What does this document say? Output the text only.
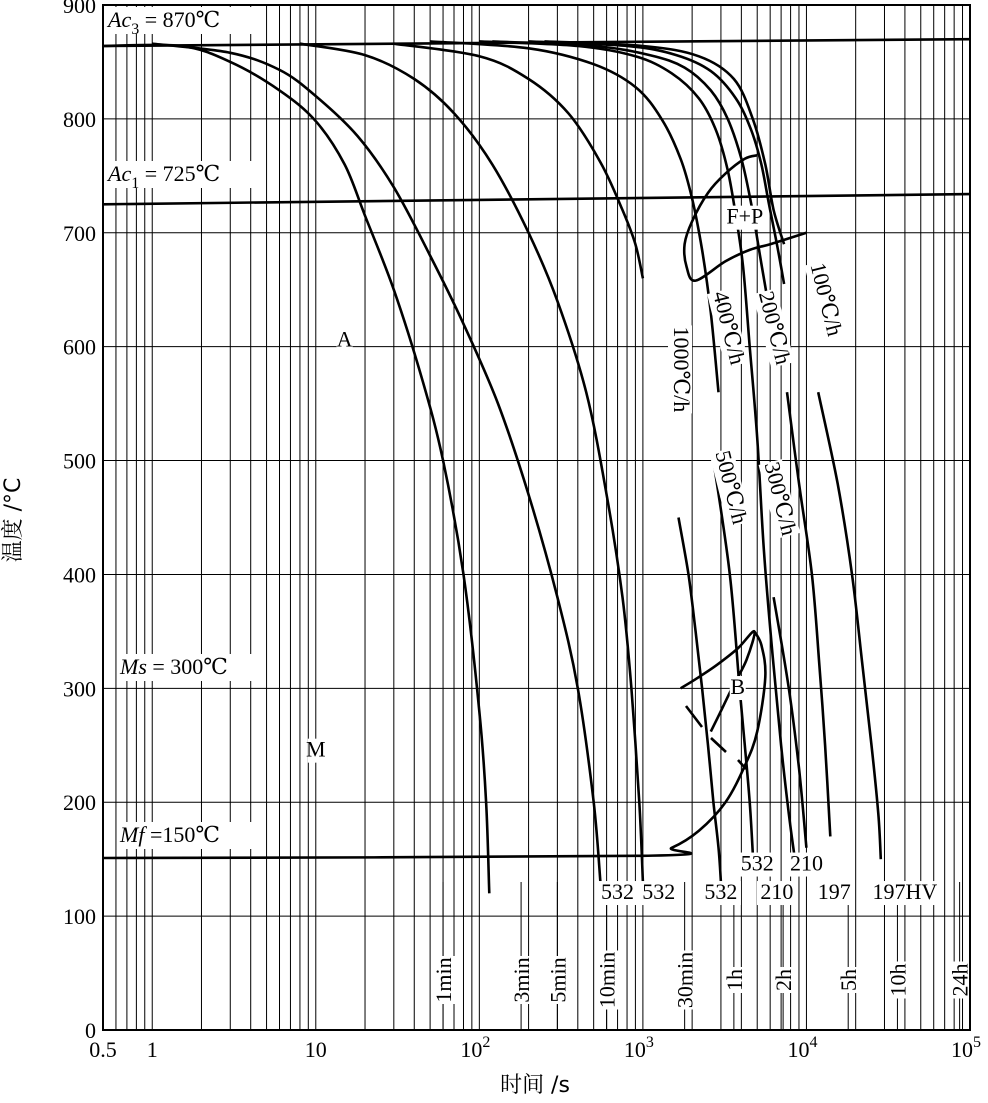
$Ac_3$ = 870℃
$Ac_1$ = 725℃
Ms = 300℃
Mf =150℃
A
M
B
F+P
1000℃/h 400℃/h
500℃/h
200℃/h
300℃/h
100℃/h
532 532 532
532
210
210
197 197HV
1min 3min 5min 10min 30min 1h 2h 5h 10h 24h
0
100
200
300
400
500
600
700
800
900
0.5 1	10	$10^2$	$10^3$	$10^4$	$10^5$
时间 /s
温度 /°C
